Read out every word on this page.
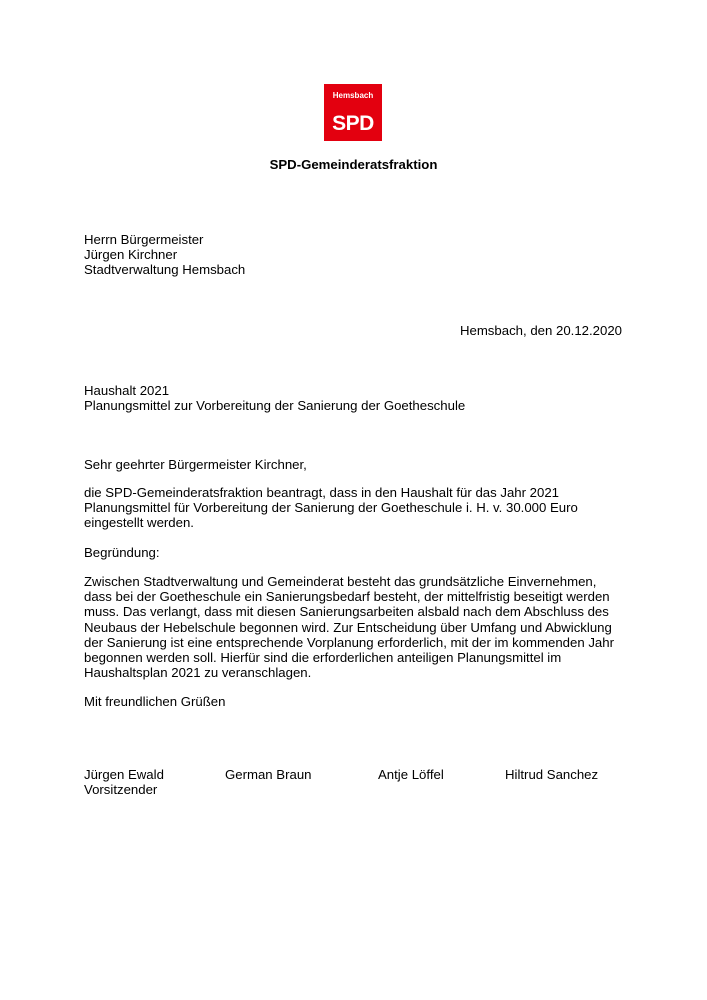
Hemsbach
SPD
SPD-Gemeinderatsfraktion
Herrn Bürgermeister
Jürgen Kirchner
Stadtverwaltung Hemsbach
Hemsbach, den 20.12.2020
Haushalt 2021
Planungsmittel zur Vorbereitung der Sanierung der Goetheschule
Sehr geehrter Bürgermeister Kirchner,
die SPD-Gemeinderatsfraktion beantragt, dass in den Haushalt für das Jahr 2021
Planungsmittel für Vorbereitung der Sanierung der Goetheschule i. H. v. 30.000 Euro
eingestellt werden.
Begründung:
Zwischen Stadtverwaltung und Gemeinderat besteht das grundsätzliche Einvernehmen,
dass bei der Goetheschule ein Sanierungsbedarf besteht, der mittelfristig beseitigt werden
muss. Das verlangt, dass mit diesen Sanierungsarbeiten alsbald nach dem Abschluss des
Neubaus der Hebelschule begonnen wird. Zur Entscheidung über Umfang und Abwicklung
der Sanierung ist eine entsprechende Vorplanung erforderlich, mit der im kommenden Jahr
begonnen werden soll. Hierfür sind die erforderlichen anteiligen Planungsmittel im
Haushaltsplan 2021 zu veranschlagen.
Mit freundlichen Grüßen
Jürgen Ewald
Vorsitzender
German Braun	Antje Löffel	Hiltrud Sanchez
